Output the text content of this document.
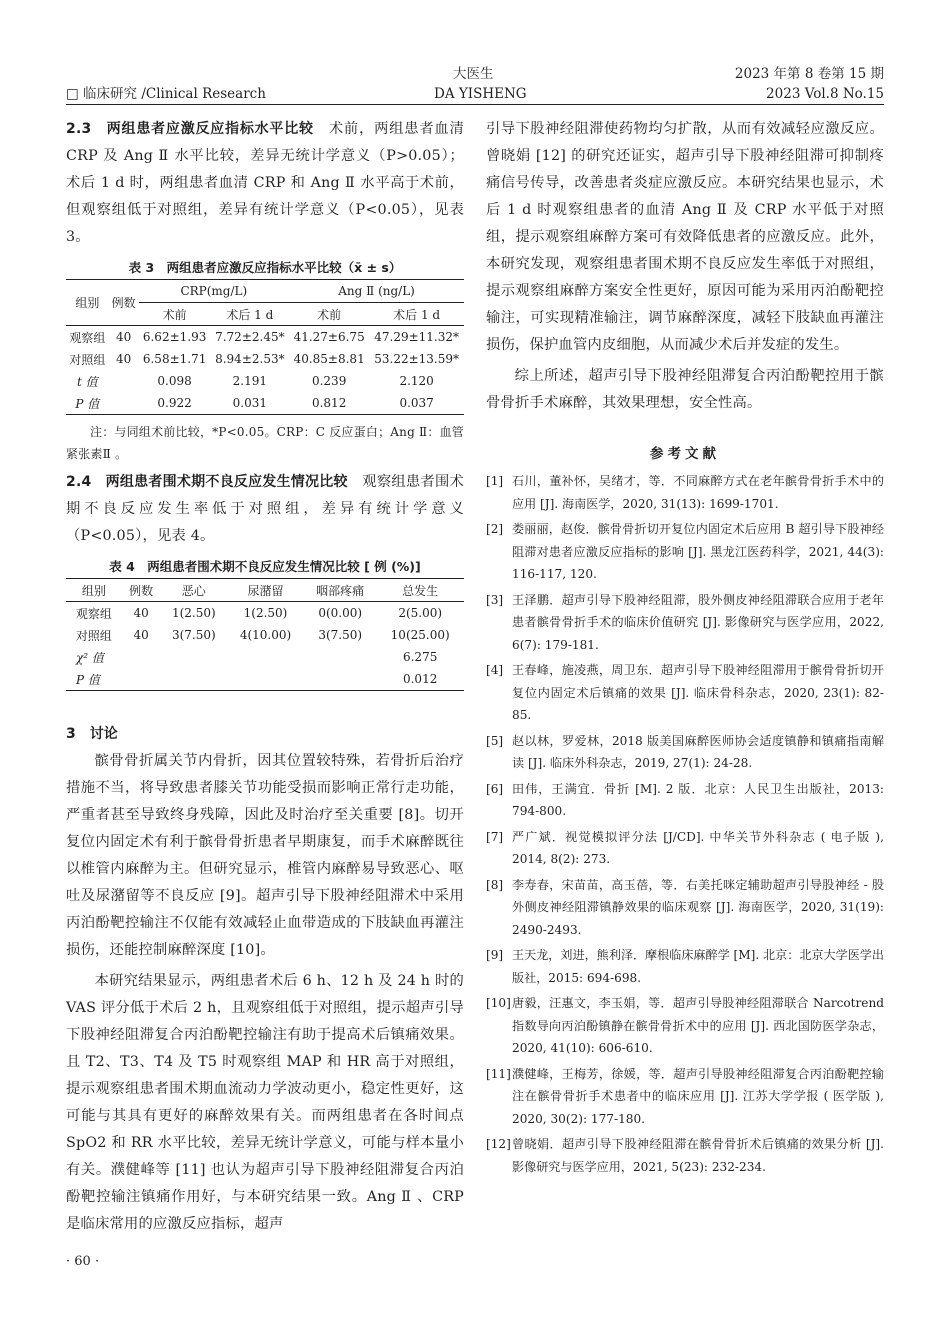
大医生
DA YISHENG
□ 临床研究 /Clinical Research
2023 年第 8 卷第 15 期
2023 Vol.8 No.15

2.3　两组患者应激反应指标水平比较　术前，两组患者血清 CRP 及 Ang Ⅱ 水平比较，差异无统计学意义（P>0.05）；术后 1 d 时，两组患者血清 CRP 和 Ang Ⅱ 水平高于术前，但观察组低于对照组，差异有统计学意义（P<0.05），见表 3。

表 3　两组患者应激反应指标水平比较（x̄ ± s）
组别	例数	CRP(mg/L)		Ang Ⅱ (ng/L)	
		术前	术后 1 d	术前	术后 1 d
观察组	40	6.62±1.93	7.72±2.45*	41.27±6.75	47.29±11.32*
对照组	40	6.58±1.71	8.94±2.53*	40.85±8.81	53.22±13.59*
t 值		0.098	2.191	0.239	2.120
P 值		0.922	0.031	0.812	0.037

注：与同组术前比较，*P<0.05。CRP：C 反应蛋白；Ang Ⅱ：血管紧张素Ⅱ 。

2.4　两组患者围术期不良反应发生情况比较　观察组患者围术期不良反应发生率低于对照组，差异有统计学意义（P<0.05），见表 4。

表 4　两组患者围术期不良反应发生情况比较 [ 例 (%)]
组别	例数	恶心	尿潴留	咽部疼痛	总发生
观察组	40	1(2.50)	1(2.50)	0(0.00)	2(5.00)
对照组	40	3(7.50)	4(10.00)	3(7.50)	10(25.00)
χ² 值					6.275
P 值					0.012
3　讨论

髌骨骨折属关节内骨折，因其位置较特殊，若骨折后治疗措施不当，将导致患者膝关节功能受损而影响正常行走功能，严重者甚至导致终身残障，因此及时治疗至关重要 [8]。切开复位内固定术有利于髌骨骨折患者早期康复，而手术麻醉既往以椎管内麻醉为主。但研究显示，椎管内麻醉易导致恶心、呕吐及尿潴留等不良反应 [9]。超声引导下股神经阻滞术中采用丙泊酚靶控输注不仅能有效减轻止血带造成的下肢缺血再灌注损伤，还能控制麻醉深度 [10]。

本研究结果显示，两组患者术后 6 h、12 h 及 24 h 时的 VAS 评分低于术后 2 h，且观察组低于对照组，提示超声引导下股神经阻滞复合丙泊酚靶控输注有助于提高术后镇痛效果。且 T2、T3、T4 及 T5 时观察组 MAP 和 HR 高于对照组，提示观察组患者围术期血流动力学波动更小，稳定性更好，这可能与其具有更好的麻醉效果有关。而两组患者在各时间点 SpO2 和 RR 水平比较，差异无统计学意义，可能与样本量小有关。濮健峰等 [11] 也认为超声引导下股神经阻滞复合丙泊酚靶控输注镇痛作用好，与本研究结果一致。Ang Ⅱ 、CRP 是临床常用的应激反应指标，超声

引导下股神经阻滞使药物均匀扩散，从而有效减轻应激反应。曾晓娟 [12] 的研究还证实，超声引导下股神经阻滞可抑制疼痛信号传导，改善患者炎症应激反应。本研究结果也显示，术后 1 d 时观察组患者的血清 Ang Ⅱ 及 CRP 水平低于对照组，提示观察组麻醉方案可有效降低患者的应激反应。此外，本研究发现，观察组患者围术期不良反应发生率低于对照组，提示观察组麻醉方案安全性更好，原因可能为采用丙泊酚靶控输注，可实现精准输注，调节麻醉深度，减轻下肢缺血再灌注损伤，保护血管内皮细胞，从而减少术后并发症的发生。

综上所述，超声引导下股神经阻滞复合丙泊酚靶控用于髌骨骨折手术麻醉，其效果理想，安全性高。

参考文献
[1] 石川，董补怀，吴绪才，等．不同麻醉方式在老年髌骨骨折手术中的应用 [J]. 海南医学，2020, 31(13): 1699-1701.
[2] 娄丽丽，赵俊．髌骨骨折切开复位内固定术后应用 B 超引导下股神经阻滞对患者应激反应指标的影响 [J]. 黑龙江医药科学，2021, 44(3): 116-117, 120.
[3] 王泽鹏．超声引导下股神经阻滞，股外侧皮神经阻滞联合应用于老年患者髌骨骨折手术的临床价值研究 [J]. 影像研究与医学应用，2022, 6(7): 179-181.
[4] 王春峰，施凌燕，周卫东．超声引导下股神经阻滞用于髌骨骨折切开复位内固定术后镇痛的效果 [J]. 临床骨科杂志，2020, 23(1): 82-85.
[5] 赵以林，罗爱林，2018 版美国麻醉医师协会适度镇静和镇痛指南解读 [J]. 临床外科杂志，2019, 27(1): 24-28.
[6] 田伟，王满宜．骨折 [M]. 2 版．北京：人民卫生出版社，2013: 794-800.
[7] 严广斌．视觉模拟评分法 [J/CD]. 中华关节外科杂志 ( 电子版 ), 2014, 8(2): 273.
[8] 李寿春，宋苗苗，高玉蓓，等．右美托咪定辅助超声引导股神经 - 股外侧皮神经阻滞镇静效果的临床观察 [J]. 海南医学，2020, 31(19): 2490-2493.
[9] 王天龙，刘进，熊利泽．摩根临床麻醉学 [M]. 北京：北京大学医学出版社，2015: 694-698.
[10] 唐毅，汪惠文，李玉娟，等．超声引导股神经阻滞联合 Narcotrend 指数导向丙泊酚镇静在髌骨骨折术中的应用 [J]. 西北国防医学杂志，2020, 41(10): 606-610.
[11] 濮健峰，王梅芳，徐媛，等．超声引导股神经阻滞复合丙泊酚靶控输注在髌骨骨折手术患者中的临床应用 [J]. 江苏大学学报 ( 医学版 ), 2020, 30(2): 177-180.
[12] 曾晓娟．超声引导下股神经阻滞在髌骨骨折术后镇痛的效果分析 [J]. 影像研究与医学应用，2021, 5(23): 232-234.
· 60 ·
